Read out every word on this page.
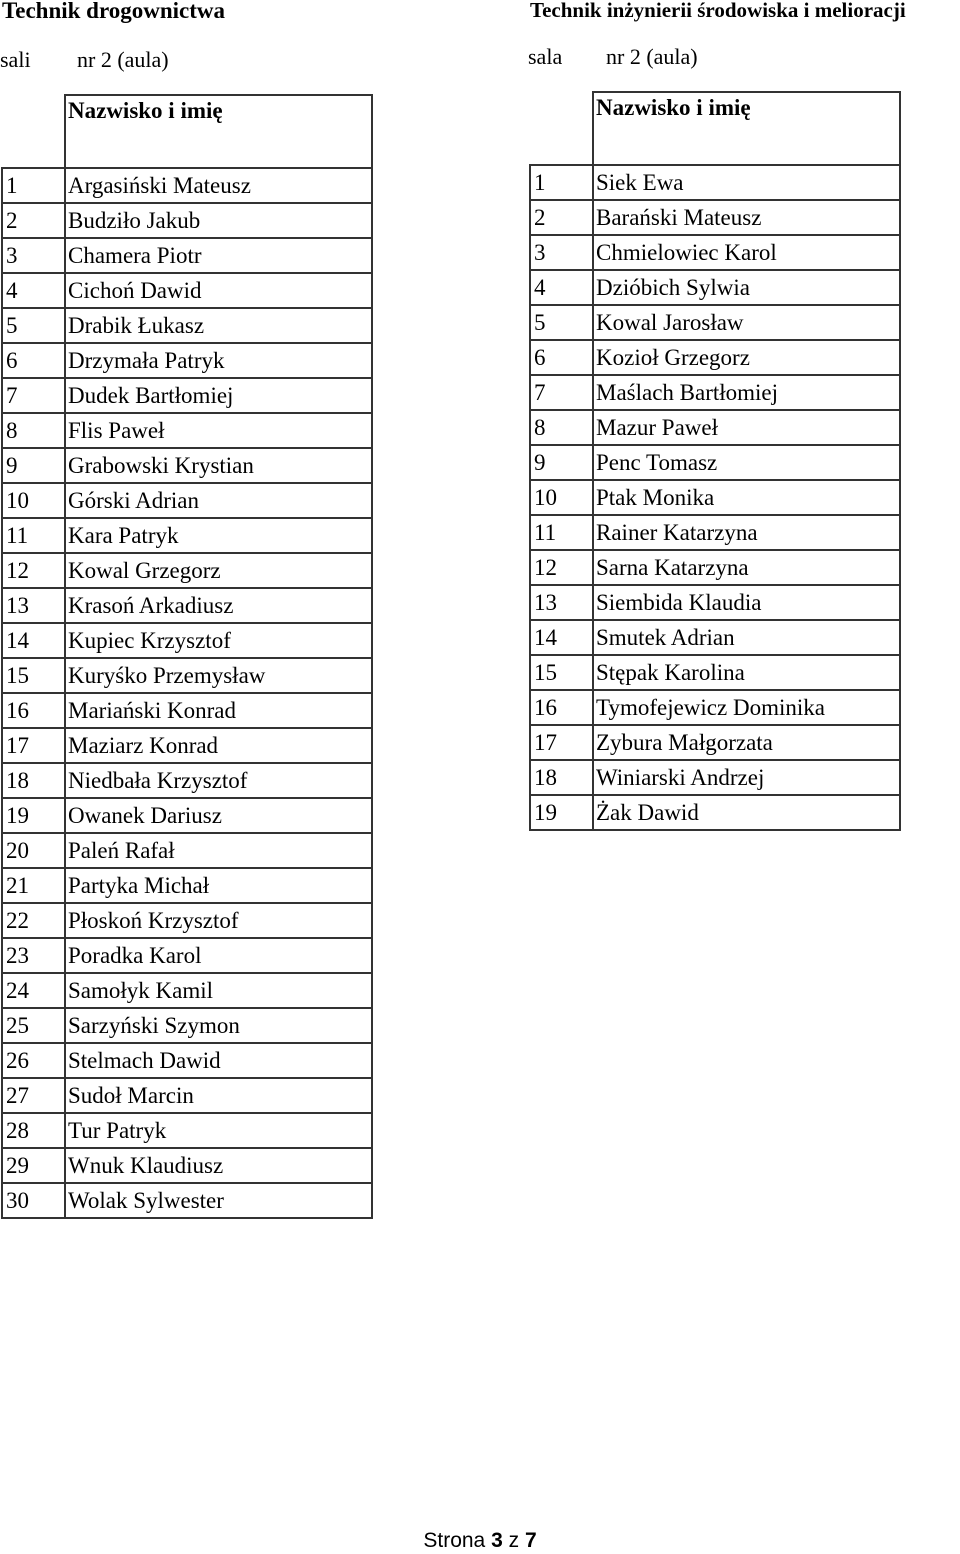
Technik drogownictwa	Technik inżynierii środowiska i melioracji
sali nr 2 (aula)	sala nr 2 (aula)
	Nazwisko i imię
1	Argasiński Mateusz
2	Budziło Jakub
3	Chamera Piotr
4	Cichoń Dawid
5	Drabik Łukasz
6	Drzymała Patryk
7	Dudek Bartłomiej
8	Flis Paweł
9	Grabowski Krystian
10	Górski Adrian
11	Kara Patryk
12	Kowal Grzegorz
13	Krasoń Arkadiusz
14	Kupiec Krzysztof
15	Kuryśko Przemysław
16	Mariański Konrad
17	Maziarz Konrad
18	Niedbała Krzysztof
19	Owanek Dariusz
20	Paleń Rafał
21	Partyka Michał
22	Płoskoń Krzysztof
23	Poradka Karol
24	Samołyk Kamil
25	Sarzyński Szymon
26	Stelmach Dawid
27	Sudoł Marcin
28	Tur Patryk
29	Wnuk Klaudiusz
30	Wolak Sylwester
	Nazwisko i imię
1	Siek Ewa
2	Barański Mateusz
3	Chmielowiec Karol
4	Dzióbich Sylwia
5	Kowal Jarosław
6	Kozioł Grzegorz
7	Maślach Bartłomiej
8	Mazur Paweł
9	Penc Tomasz
10	Ptak Monika
11	Rainer Katarzyna
12	Sarna Katarzyna
13	Siembida Klaudia
14	Smutek Adrian
15	Stępak Karolina
16	Tymofejewicz Dominika
17	Zybura Małgorzata
18	Winiarski Andrzej
19	Żak Dawid
Strona 3 z 7
